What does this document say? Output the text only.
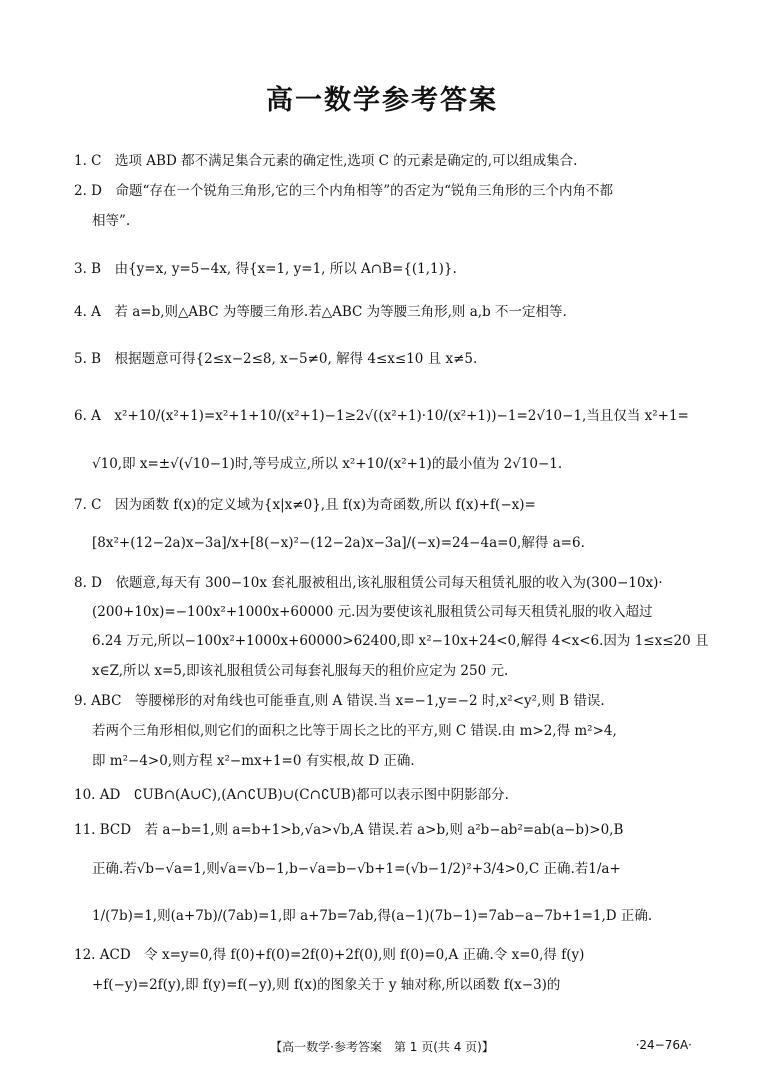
高一数学参考答案
1. C　选项 ABD 都不满足集合元素的确定性,选项 C 的元素是确定的,可以组成集合.
2. D　命题“存在一个锐角三角形,它的三个内角相等”的否定为“锐角三角形的三个内角不都
相等”.
3. B　由{y=x, y=5−4x, 得{x=1, y=1, 所以 A∩B={(1,1)}.
4. A　若 a=b,则△ABC 为等腰三角形.若△ABC 为等腰三角形,则 a,b 不一定相等.
5. B　根据题意可得{2≤x−2≤8, x−5≠0, 解得 4≤x≤10 且 x≠5.
6. A　x²+10/(x²+1)=x²+1+10/(x²+1)−1≥2√((x²+1)·10/(x²+1))−1=2√10−1,当且仅当 x²+1=
√10,即 x=±√(√10−1)时,等号成立,所以 x²+10/(x²+1)的最小值为 2√10−1.
7. C　因为函数 f(x)的定义域为{x|x≠0},且 f(x)为奇函数,所以 f(x)+f(−x)=
[8x²+(12−2a)x−3a]/x+[8(−x)²−(12−2a)x−3a]/(−x)=24−4a=0,解得 a=6.
8. D　依题意,每天有 300−10x 套礼服被租出,该礼服租赁公司每天租赁礼服的收入为(300−10x)·
(200+10x)=−100x²+1000x+60000 元.因为要使该礼服租赁公司每天租赁礼服的收入超过
6.24 万元,所以−100x²+1000x+60000>62400,即 x²−10x+24<0,解得 4<x<6.因为 1≤x≤20 且
x∈Z,所以 x=5,即该礼服租赁公司每套礼服每天的租价应定为 250 元.
9. ABC　等腰梯形的对角线也可能垂直,则 A 错误.当 x=−1,y=−2 时,x²<y²,则 B 错误.
若两个三角形相似,则它们的面积之比等于周长之比的平方,则 C 错误.由 m>2,得 m²>4,
即 m²−4>0,则方程 x²−mx+1=0 有实根,故 D 正确.
10. AD　∁UB∩(A∪C),(A∩∁UB)∪(C∩∁UB)都可以表示图中阴影部分.
11. BCD　若 a−b=1,则 a=b+1>b,√a>√b,A 错误.若 a>b,则 a²b−ab²=ab(a−b)>0,B
正确.若√b−√a=1,则√a=√b−1,b−√a=b−√b+1=(√b−1/2)²+3/4>0,C 正确.若1/a+
1/(7b)=1,则(a+7b)/(7ab)=1,即 a+7b=7ab,得(a−1)(7b−1)=7ab−a−7b+1=1,D 正确.
12. ACD　令 x=y=0,得 f(0)+f(0)=2f(0)+2f(0),则 f(0)=0,A 正确.令 x=0,得 f(y)
+f(−y)=2f(y),即 f(y)=f(−y),则 f(x)的图象关于 y 轴对称,所以函数 f(x−3)的
【高一数学·参考答案　第 1 页(共 4 页)】	·24−76A·
